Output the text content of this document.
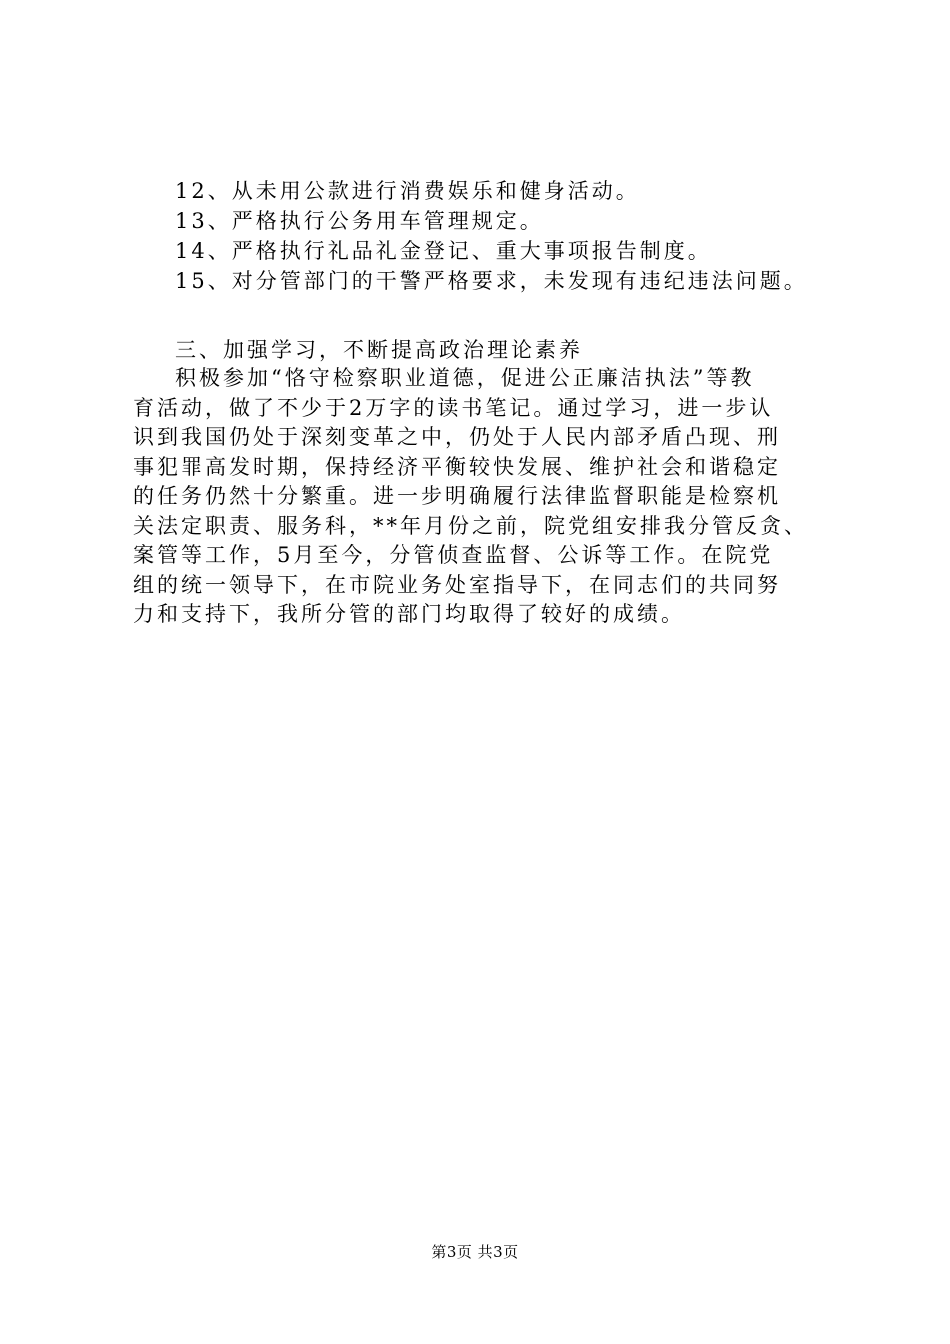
12、从未用公款进行消费娱乐和健身活动。
13、严格执行公务用车管理规定。
14、严格执行礼品礼金登记、重大事项报告制度。
15、对分管部门的干警严格要求，未发现有违纪违法问题。
三、加强学习，不断提高政治理论素养
积极参加“恪守检察职业道德，促进公正廉洁执法”等教
育活动，做了不少于2万字的读书笔记。通过学习，进一步认
识到我国仍处于深刻变革之中，仍处于人民内部矛盾凸现、刑
事犯罪高发时期，保持经济平衡较快发展、维护社会和谐稳定
的任务仍然十分繁重。进一步明确履行法律监督职能是检察机
关法定职责、服务科，**年月份之前，院党组安排我分管反贪、
案管等工作，5月至今，分管侦查监督、公诉等工作。在院党
组的统一领导下，在市院业务处室指导下，在同志们的共同努
力和支持下，我所分管的部门均取得了较好的成绩。
第3页 共3页
